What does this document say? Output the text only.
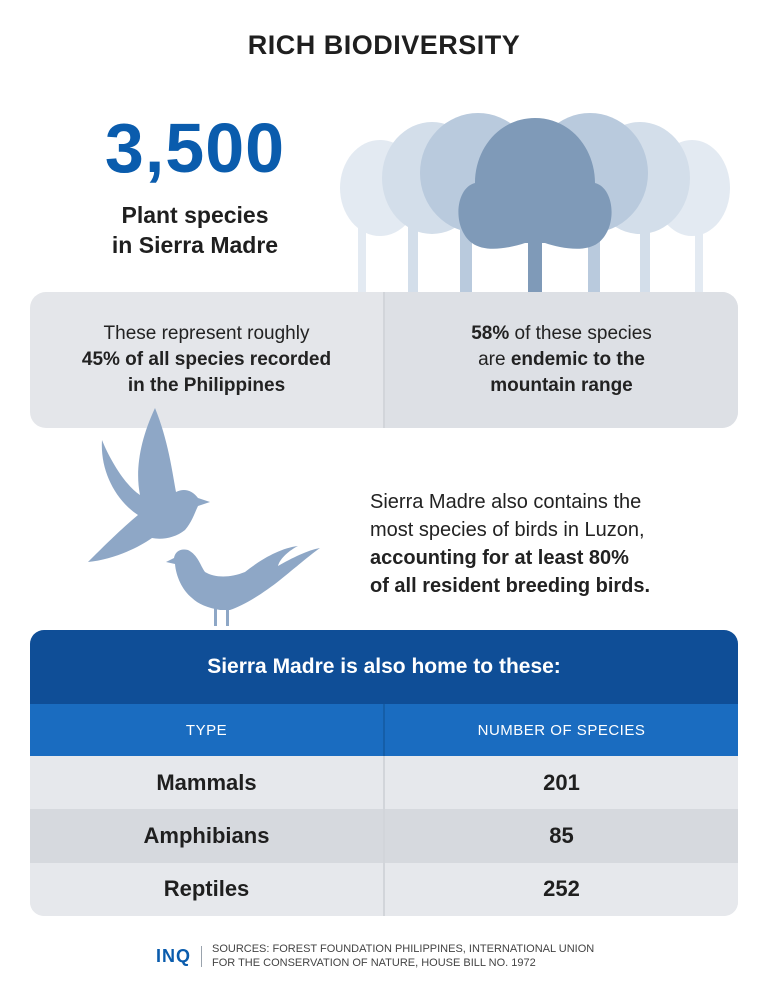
RICH BIODIVERSITY
3,500
Plant species
in Sierra Madre
These represent roughly
45% of all species recorded
in the Philippines
58% of these species
are endemic to the
mountain range
Sierra Madre also contains the
most species of birds in Luzon,
accounting for at least 80%
of all resident breeding birds.
Sierra Madre is also home to these:
TYPE	NUMBER OF SPECIES
Mammals	201
Amphibians	85
Reptiles	252
INQ	SOURCES: FOREST FOUNDATION PHILIPPINES, INTERNATIONAL UNION
FOR THE CONSERVATION OF NATURE, HOUSE BILL NO. 1972
